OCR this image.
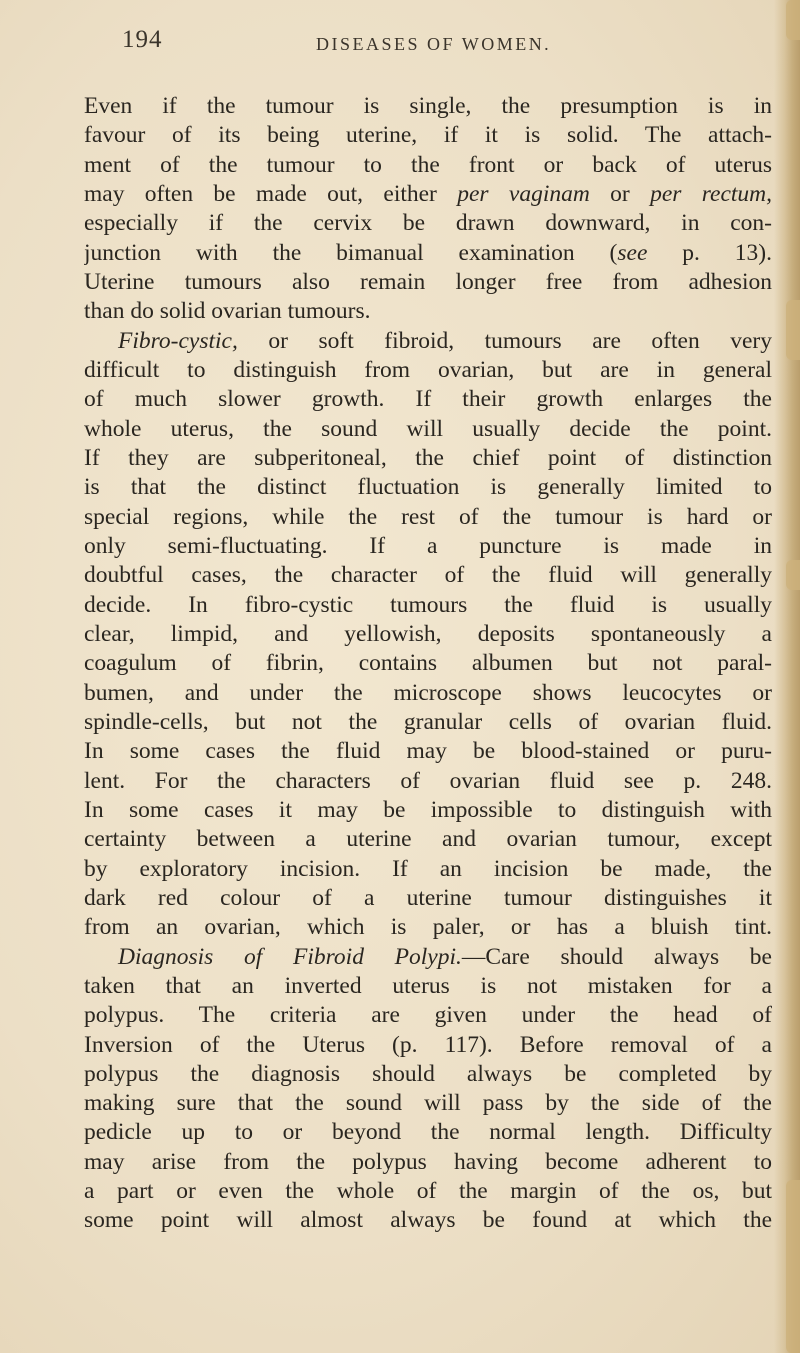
194	DISEASES OF WOMEN.
Even if the tumour is single, the presumption is in
favour of its being uterine, if it is solid. The attach-
ment of the tumour to the front or back of uterus
may often be made out, either per vaginam or per rectum,
especially if the cervix be drawn downward, in con-
junction with the bimanual examination (see p. 13).
Uterine tumours also remain longer free from adhesion
than do solid ovarian tumours.
Fibro-cystic, or soft fibroid, tumours are often very
difficult to distinguish from ovarian, but are in general
of much slower growth. If their growth enlarges the
whole uterus, the sound will usually decide the point.
If they are subperitoneal, the chief point of distinction
is that the distinct fluctuation is generally limited to
special regions, while the rest of the tumour is hard or
only semi-fluctuating. If a puncture is made in
doubtful cases, the character of the fluid will generally
decide. In fibro-cystic tumours the fluid is usually
clear, limpid, and yellowish, deposits spontaneously a
coagulum of fibrin, contains albumen but not paral-
bumen, and under the microscope shows leucocytes or
spindle-cells, but not the granular cells of ovarian fluid.
In some cases the fluid may be blood-stained or puru-
lent. For the characters of ovarian fluid see p. 248.
In some cases it may be impossible to distinguish with
certainty between a uterine and ovarian tumour, except
by exploratory incision. If an incision be made, the
dark red colour of a uterine tumour distinguishes it
from an ovarian, which is paler, or has a bluish tint.
Diagnosis of Fibroid Polypi.—Care should always be
taken that an inverted uterus is not mistaken for a
polypus. The criteria are given under the head of
Inversion of the Uterus (p. 117). Before removal of a
polypus the diagnosis should always be completed by
making sure that the sound will pass by the side of the
pedicle up to or beyond the normal length. Difficulty
may arise from the polypus having become adherent to
a part or even the whole of the margin of the os, but
some point will almost always be found at which the
